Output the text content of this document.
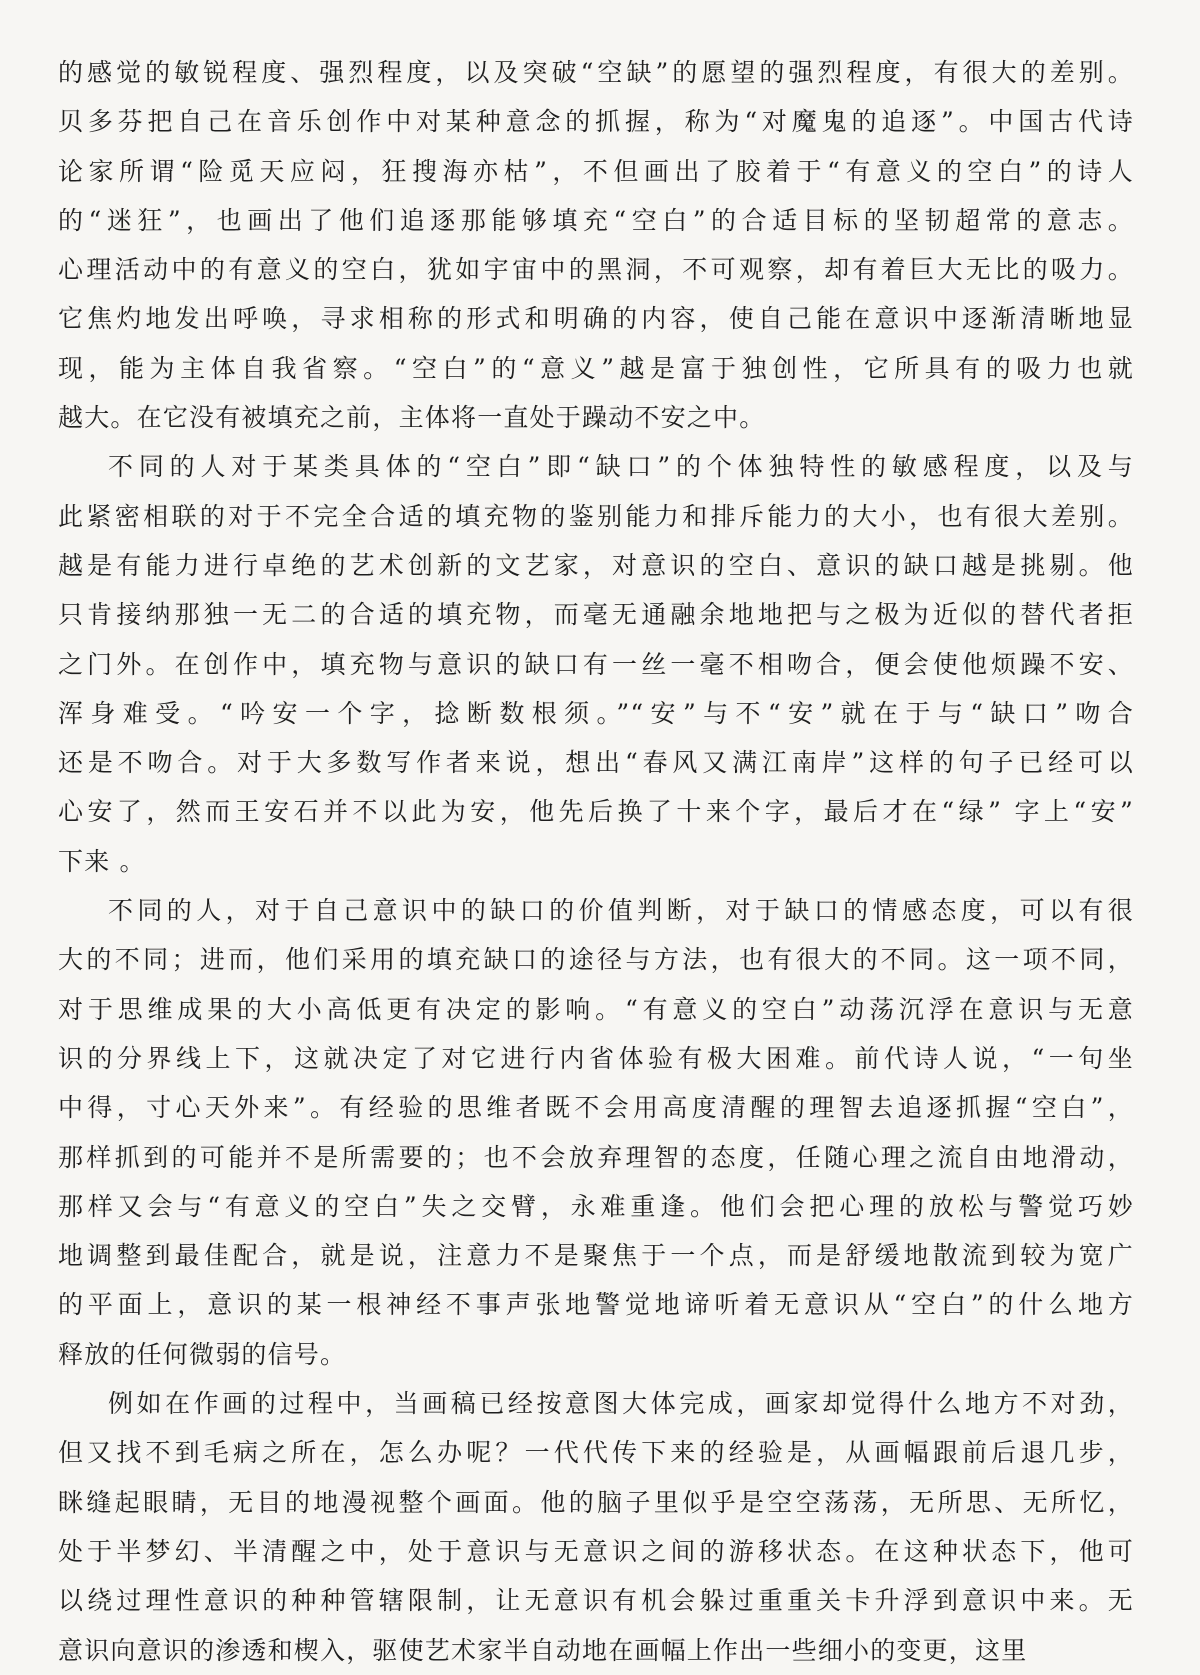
的感觉的敏锐程度、强烈程度，以及突破“空缺”的愿望的强烈程度，有很大的差别。
贝多芬把自己在音乐创作中对某种意念的抓握，称为“对魔鬼的追逐”。中国古代诗
论家所谓“险觅天应闷，狂搜海亦枯”，不但画出了胶着于“有意义的空白”的诗人
的“迷狂”，也画出了他们追逐那能够填充“空白”的合适目标的坚韧超常的意志。
心理活动中的有意义的空白，犹如宇宙中的黑洞，不可观察，却有着巨大无比的吸力。
它焦灼地发出呼唤，寻求相称的形式和明确的内容，使自己能在意识中逐渐清晰地显
现，能为主体自我省察。“空白”的“意义”越是富于独创性，它所具有的吸力也就
越大。在它没有被填充之前，主体将一直处于躁动不安之中。
不同的人对于某类具体的“空白”即“缺口”的个体独特性的敏感程度，以及与
此紧密相联的对于不完全合适的填充物的鉴别能力和排斥能力的大小，也有很大差别。
越是有能力进行卓绝的艺术创新的文艺家，对意识的空白、意识的缺口越是挑剔。他
只肯接纳那独一无二的合适的填充物，而毫无通融余地地把与之极为近似的替代者拒
之门外。在创作中，填充物与意识的缺口有一丝一毫不相吻合，便会使他烦躁不安、
浑身难受。“吟安一个字，捻断数根须。”“安”与不“安”就在于与“缺口”吻合
还是不吻合。对于大多数写作者来说，想出“春风又满江南岸”这样的句子已经可以
心安了，然而王安石并不以此为安，他先后换了十来个字，最后才在“绿” 字上“安”
下来 。
不同的人，对于自己意识中的缺口的价值判断，对于缺口的情感态度，可以有很
大的不同；进而，他们采用的填充缺口的途径与方法，也有很大的不同。这一项不同，
对于思维成果的大小高低更有决定的影响。“有意义的空白”动荡沉浮在意识与无意
识的分界线上下，这就决定了对它进行内省体验有极大困难。前代诗人说，“一句坐
中得，寸心天外来”。有经验的思维者既不会用高度清醒的理智去追逐抓握“空白”，
那样抓到的可能并不是所需要的；也不会放弃理智的态度，任随心理之流自由地滑动，
那样又会与“有意义的空白”失之交臂，永难重逢。他们会把心理的放松与警觉巧妙
地调整到最佳配合，就是说，注意力不是聚焦于一个点，而是舒缓地散流到较为宽广
的平面上，意识的某一根神经不事声张地警觉地谛听着无意识从“空白”的什么地方
释放的任何微弱的信号。
例如在作画的过程中，当画稿已经按意图大体完成，画家却觉得什么地方不对劲，
但又找不到毛病之所在，怎么办呢？一代代传下来的经验是，从画幅跟前后退几步，
眯缝起眼睛，无目的地漫视整个画面。他的脑子里似乎是空空荡荡，无所思、无所忆，
处于半梦幻、半清醒之中，处于意识与无意识之间的游移状态。在这种状态下，他可
以绕过理性意识的种种管辖限制，让无意识有机会躲过重重关卡升浮到意识中来。无
意识向意识的渗透和楔入，驱使艺术家半自动地在画幅上作出一些细小的变更，这里
